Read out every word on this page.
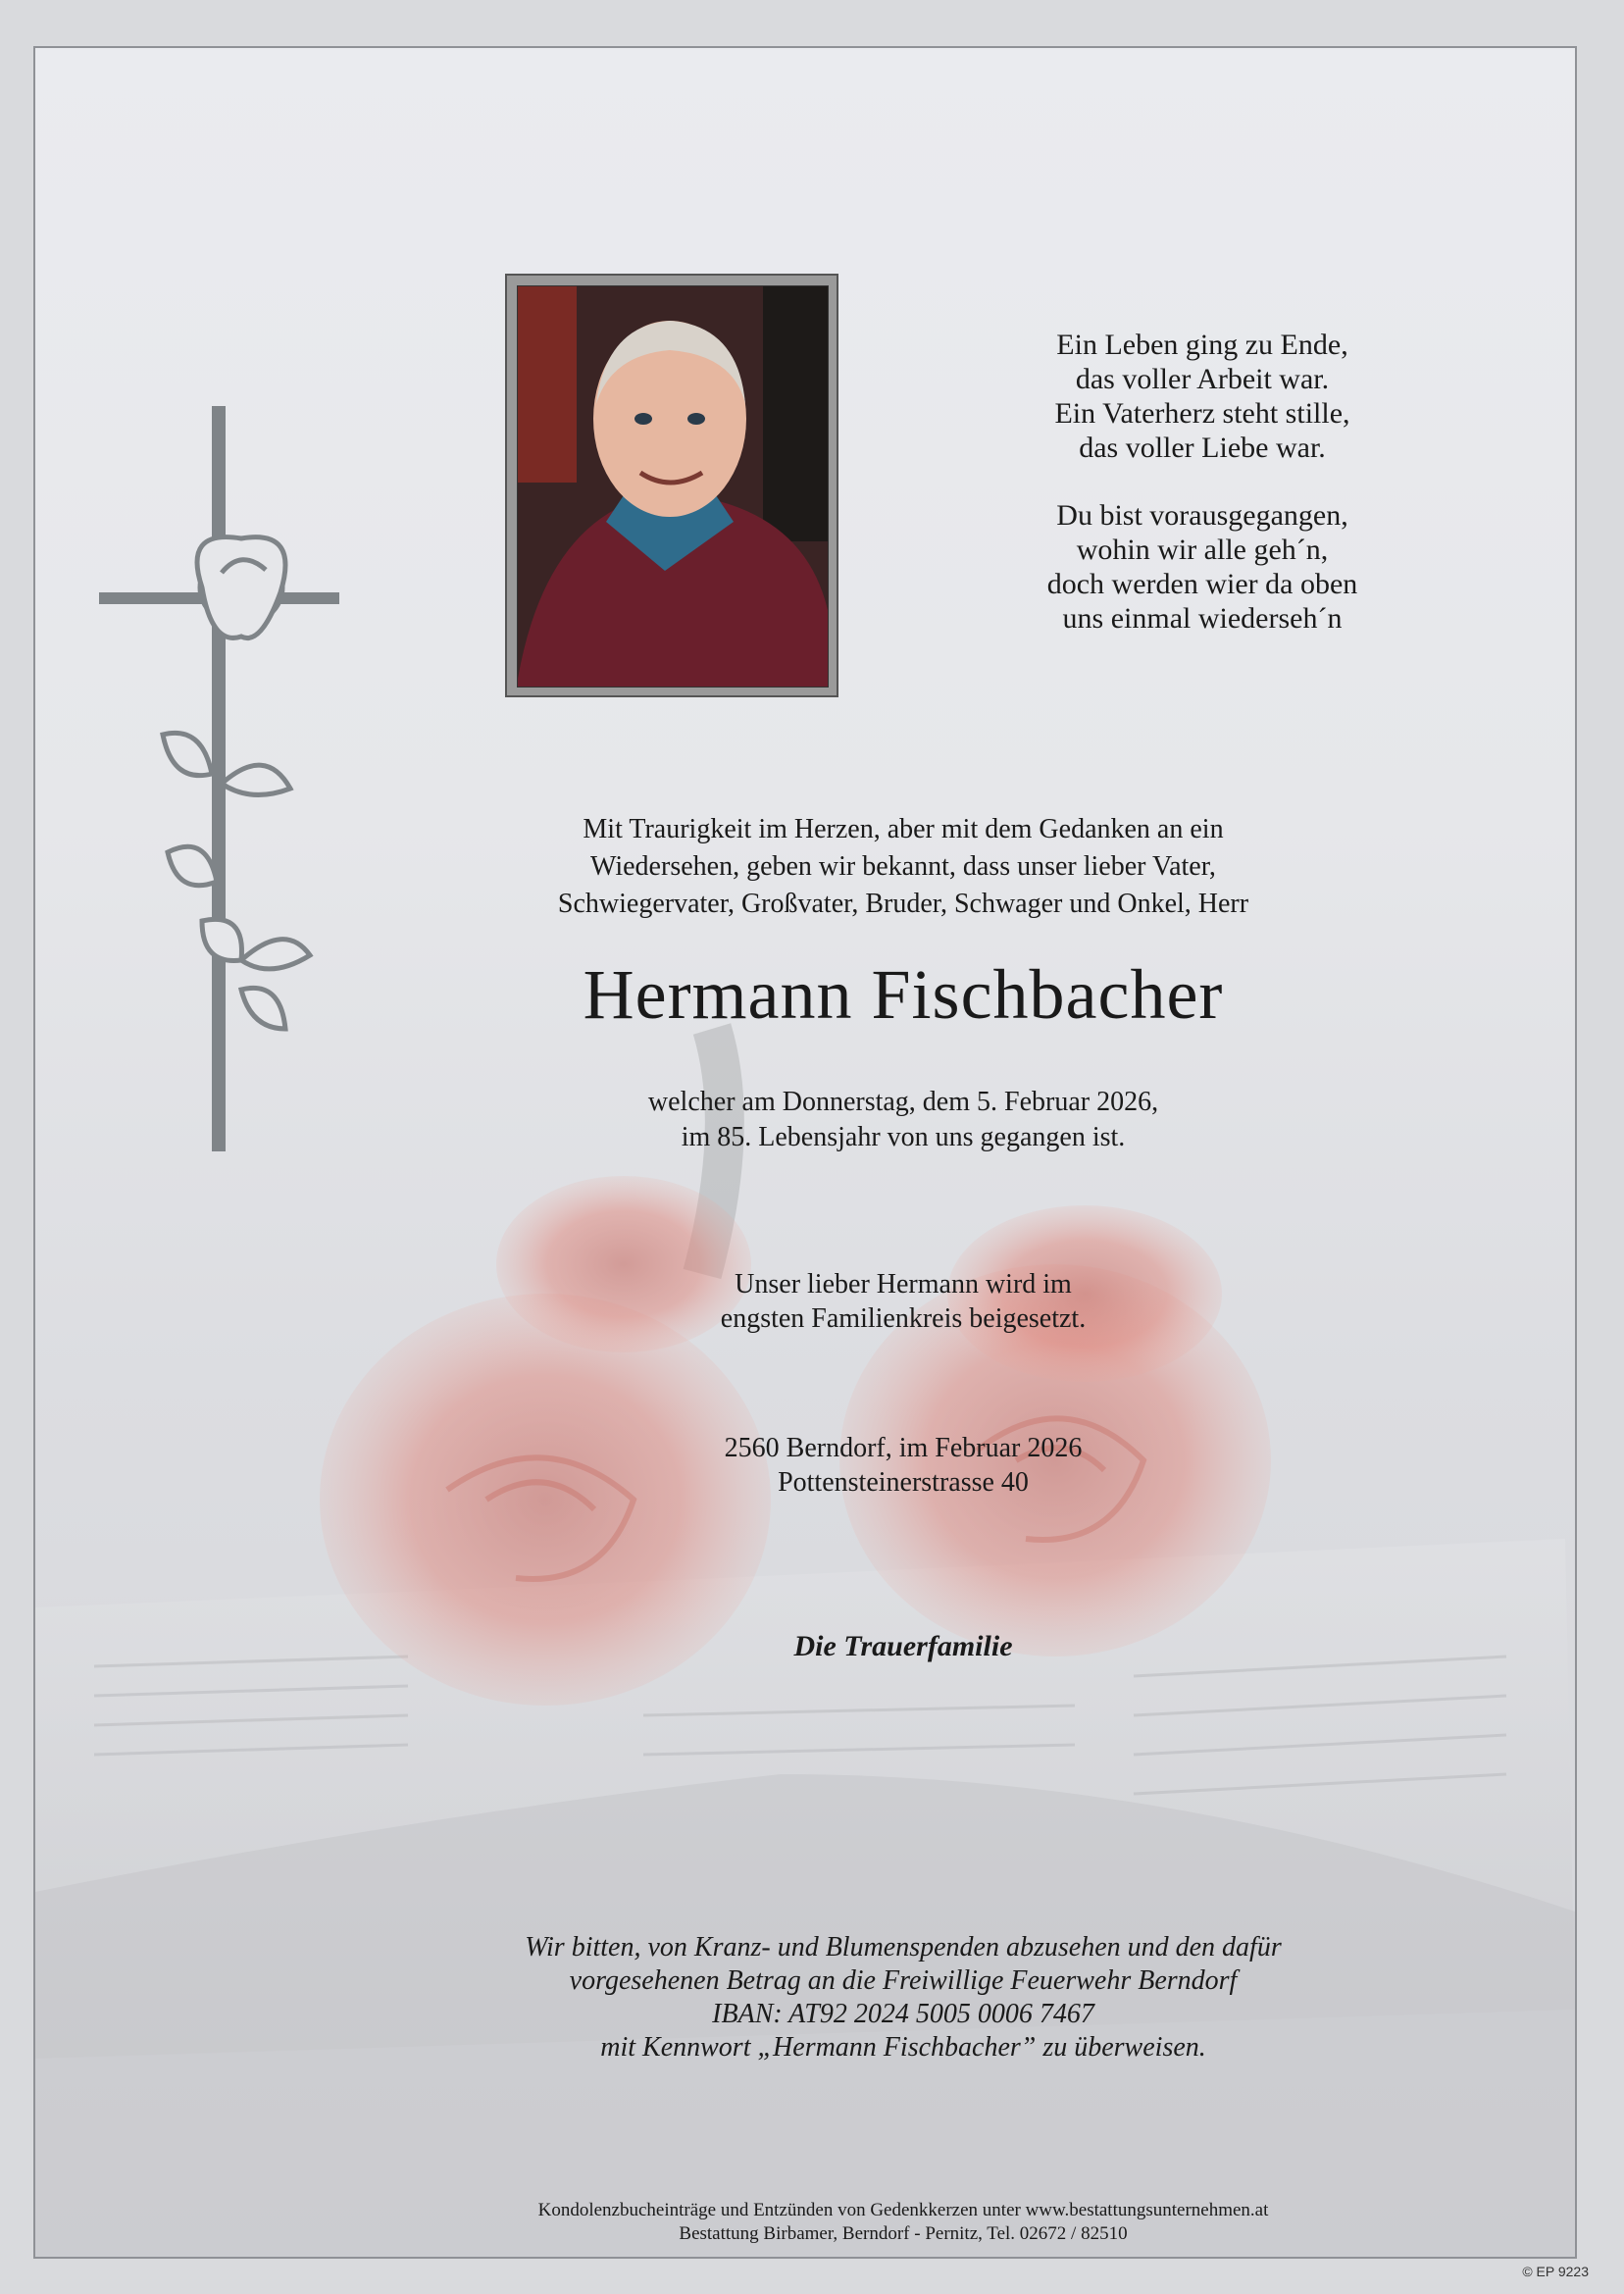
Ein Leben ging zu Ende,
das voller Arbeit war.
Ein Vaterherz steht stille,
das voller Liebe war.

Du bist vorausgegangen,
wohin wir alle geh´n,
doch werden wier da oben
uns einmal wiederseh´n

Mit Traurigkeit im Herzen, aber mit dem Gedanken an ein
Wiedersehen, geben wir bekannt, dass unser lieber Vater,
Schwiegervater, Großvater, Bruder, Schwager und Onkel, Herr
Hermann Fischbacher
welcher am Donnerstag, dem 5. Februar 2026,
im 85. Lebensjahr von uns gegangen ist.
Unser lieber Hermann wird im
engsten Familienkreis beigesetzt.
2560 Berndorf, im Februar 2026
Pottensteinerstrasse 40
Die Trauerfamilie
Wir bitten, von Kranz- und Blumenspenden abzusehen und den dafür
vorgesehenen Betrag an die Freiwillige Feuerwehr Berndorf
IBAN: AT92 2024 5005 0006 7467
mit Kennwort „Hermann Fischbacher” zu überweisen.
Kondolenzbucheinträge und Entzünden von Gedenkkerzen unter www.bestattungsunternehmen.at
Bestattung Birbamer, Berndorf - Pernitz, Tel. 02672 / 82510
© EP 9223
